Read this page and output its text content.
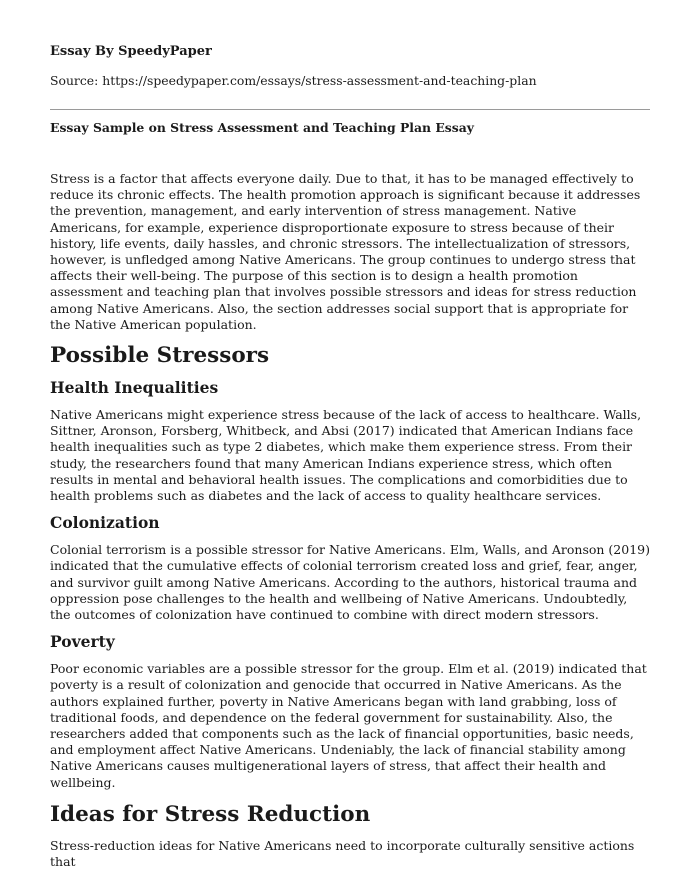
Essay By SpeedyPaper
Source: https://speedypaper.com/essays/stress-assessment-and-teaching-plan
Essay Sample on Stress Assessment and Teaching Plan Essay

Stress is a factor that affects everyone daily. Due to that, it has to be managed effectively to reduce its chronic effects. The health promotion approach is significant because it addresses the prevention, management, and early intervention of stress management. Native Americans, for example, experience disproportionate exposure to stress because of their history, life events, daily hassles, and chronic stressors. The intellectualization of stressors, however, is unfledged among Native Americans. The group continues to undergo stress that affects their well-being. The purpose of this section is to design a health promotion assessment and teaching plan that involves possible stressors and ideas for stress reduction among Native Americans. Also, the section addresses social support that is appropriate for the Native American population.

Possible Stressors
Health Inequalities

Native Americans might experience stress because of the lack of access to healthcare. Walls, Sittner, Aronson, Forsberg, Whitbeck, and Absi (2017) indicated that American Indians face health inequalities such as type 2 diabetes, which make them experience stress. From their study, the researchers found that many American Indians experience stress, which often results in mental and behavioral health issues. The complications and comorbidities due to health problems such as diabetes and the lack of access to quality healthcare services.

Colonization

Colonial terrorism is a possible stressor for Native Americans. Elm, Walls, and Aronson (2019) indicated that the cumulative effects of colonial terrorism created loss and grief, fear, anger, and survivor guilt among Native Americans. According to the authors, historical trauma and oppression pose challenges to the health and wellbeing of Native Americans. Undoubtedly, the outcomes of colonization have continued to combine with direct modern stressors.

Poverty

Poor economic variables are a possible stressor for the group. Elm et al. (2019) indicated that poverty is a result of colonization and genocide that occurred in Native Americans. As the authors explained further, poverty in Native Americans began with land grabbing, loss of traditional foods, and dependence on the federal government for sustainability. Also, the researchers added that components such as the lack of financial opportunities, basic needs, and employment affect Native Americans. Undeniably, the lack of financial stability among Native Americans causes multigenerational layers of stress, that affect their health and wellbeing.

Ideas for Stress Reduction

Stress-reduction ideas for Native Americans need to incorporate culturally sensitive actions that
